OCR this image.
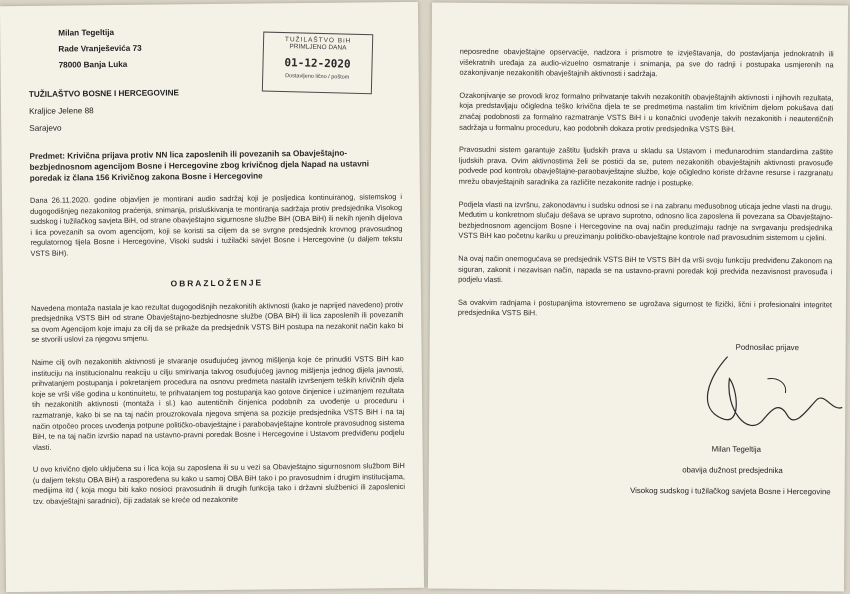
Milan Tegeltija
Rade Vranješevića 73
78000 Banja Luka
TUŽILAŠTVO BiH
PRIMLJENO DANA
01-12-2020
Dostavljeno lično / poštom
TUŽILAŠTVO BOSNE I HERCEGOVINE
Kraljice Jelene 88
Sarajevo
Predmet: Krivična prijava protiv NN lica zaposlenih ili povezanih sa Obavještajno-bezbjednosnom agencijom Bosne i Hercegovine zbog krivičnog djela Napad na ustavni poredak iz člana 156 Krivičnog zakona Bosne i Hercegovine
Dana 26.11.2020. godine objavljen je montirani audio sadržaj koji je posljedica kontinuiranog, sistemskog i dugogodišnjeg nezakonitog praćenja, snimanja, prisluškivanja te montiranja sadržaja protiv predsjednika Visokog sudskog i tužilačkog savjeta BiH, od strane obavještajno sigurnosne službe BiH (OBA BiH) ili nekih njenih dijelova i lica povezanih sa ovom agencijom, koji se koristi sa ciljem da se svrgne predsjednik krovnog pravosudnog regulatornog tijela Bosne i Hercegovine, Visoki sudski i tužilački savjet Bosne i Hercegovine (u daljem tekstu VSTS BiH).
OBRAZLOŽENJE
Navedena montaža nastala je kao rezultat dugogodišnjih nezakonitih aktivnosti (kako je naprijed navedeno) protiv predsjednika VSTS BiH od strane Obavještajno-bezbjednosne službe (OBA BiH) ili lica zaposlenih ili povezanih sa ovom Agencijom koje imaju za cilj da se prikaže da predsjednik VSTS BiH postupa na nezakonit način kako bi se stvorili uslovi za njegovu smjenu.
Naime cilj ovih nezakonitih aktivnosti je stvaranje osuđujućeg javnog mišljenja koje će prinuditi VSTS BiH kao instituciju na institucionalnu reakciju u cilju smirivanja takvog osuđujućeg javnog mišljenja jednog dijela javnosti, prihvatanjem postupanja i pokretanjem procedura na osnovu predmeta nastalih izvršenjem teških krivičnih djela koje se vrši više godina u kontinuitetu, te prihvatanjem tog postupanja kao gotove činjenice i uzimanjem rezultata tih nezakonitih aktivnosti (montaža i sl.) kao autentičnih činjenica podobnih za uvođenje u proceduru i razmatranje, kako bi se na taj način prouzrokovala njegova smjena sa pozicije predsjednika VSTS BiH i na taj način otpočeo proces uvođenja potpune političko-obavještajne i parabobavještajne kontrole pravosudnog sistema BiH, te na taj način izvršio napad na ustavno-pravni poredak Bosne i Hercegovine i Ustavom predviđenu podjelu vlasti.
U ovo krivično djelo uključena su i lica koja su zaposlena ili su u vezi sa Obavještajno sigurnosnom službom BiH (u daljem tekstu OBA BiH) a raspoređena su kako u samoj OBA BiH tako i po pravosudnim i drugim institucijama, medijima itd ( koja mogu biti kako nosioci pravosudnih ili drugih funkcija tako i državni službenici ili zaposlenici tzv. obavještajni saradnici), čiji zadatak se kreće od nezakonite
neposredne obavještajne opservacije, nadzora i prismotre te izvještavanja, do postavljanja jednokratnih ili višekratnih uređaja za audio-vizuelno osmatranje i snimanja, pa sve do radnji i postupaka usmjerenih na ozakonjivanje nezakonitih obavještajnih aktivnosti i sadržaja.
Ozakonjivanje se provodi kroz formalno prihvatanje takvih nezakonitih obavještajnih aktivnosti i njihovih rezultata, koja predstavljaju očigledna teško krivična djela te se predmetima nastalim tim krivičnim djelom pokušava dati značaj podobnosti za formalno razmatranje VSTS BiH i u konačnici uvođenje takvih nezakonitih i neautentičnih sadržaja u formalnu proceduru, kao podobnih dokaza protiv predsjednika VSTS BiH.
Pravosudni sistem garantuje zaštitu ljudskih prava u skladu sa Ustavom i međunarodnim standardima zaštite ljudskih prava. Ovim aktivnostima želi se postići da se, putem nezakonitih obavještajnih aktivnosti pravosuđe podvede pod kontrolu obavještajne-paraobavještajne službe, koje očigledno koriste državne resurse i razgranatu mrežu obavještajnih saradnika za različite nezakonite radnje i postupke.
Podjela vlasti na izvršnu, zakonodavnu i sudsku odnosi se i na zabranu međusobnog uticaja jedne vlasti na drugu. Međutim u konkretnom slučaju dešava se upravo suprotno, odnosno lica zaposlena ili povezana sa Obavještajno-bezbjednosnom agencijom Bosne i Hercegovine na ovaj način preduzimaju radnje na svrgavanju predsjednika VSTS BiH kao početnu kariku u preuzimanju političko-obavještajne kontrole nad pravosudnim sistemom u cjelini.
Na ovaj način onemogućava se predsjednik VSTS BiH te VSTS BiH da vrši svoju funkciju predviđenu Zakonom na siguran, zakonit i nezavisan način, napada se na ustavno-pravni poredak koji predviđa nezavisnost pravosuđa i podjelu vlasti.
Sa ovakvim radnjama i postupanjima istovremeno se ugrožava sigurnost te fizički, lični i profesionalni integritet predsjednika VSTS BiH.
Podnosilac prijave
Milan Tegeltija
obavija dužnost predsjednika
Visokog sudskog i tužilačkog savjeta Bosne i Hercegovine
